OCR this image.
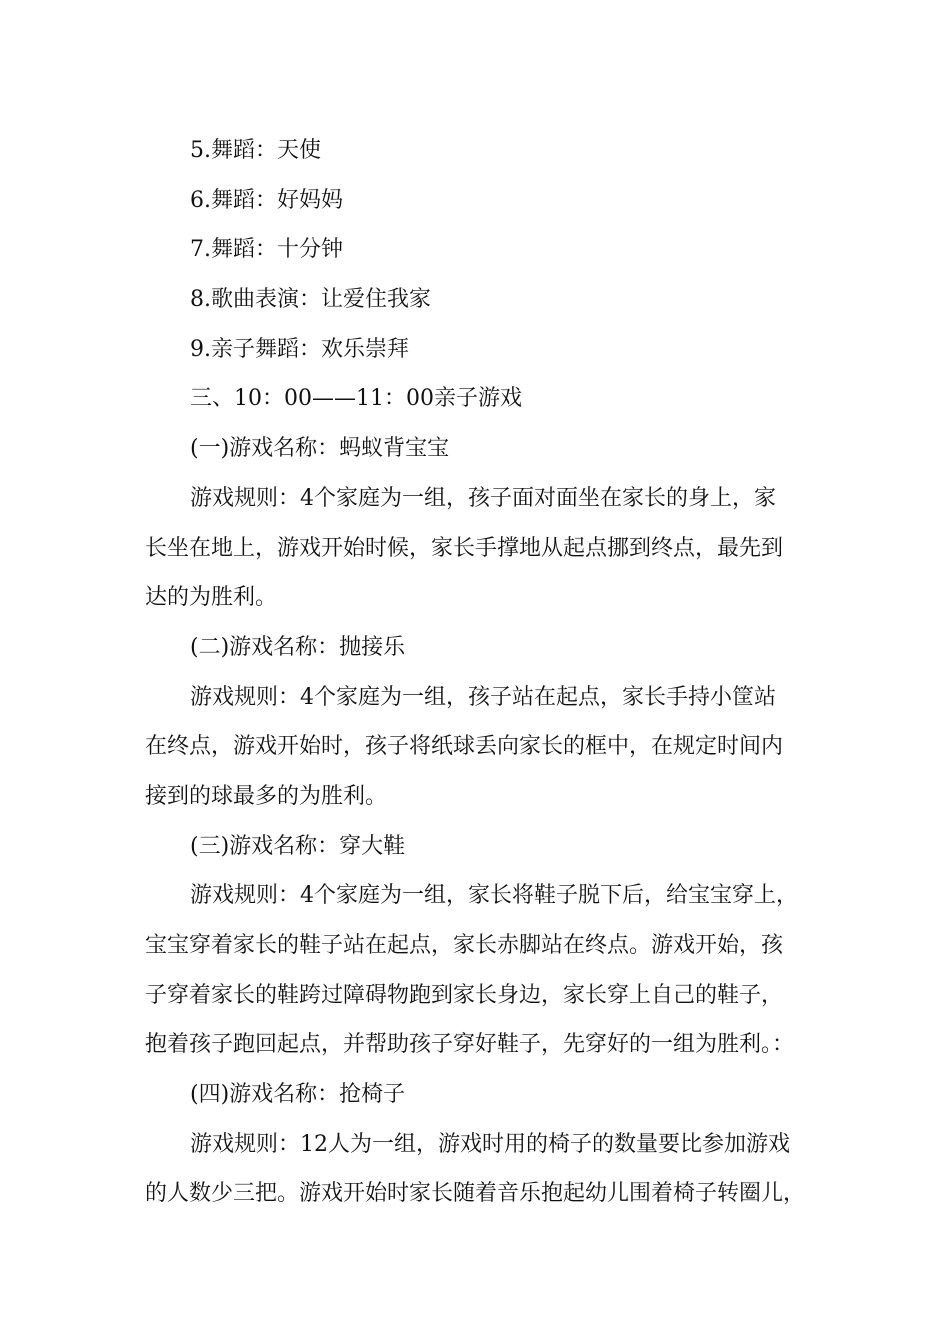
5.舞蹈：天使
6.舞蹈：好妈妈
7.舞蹈：十分钟
8.歌曲表演：让爱住我家
9.亲子舞蹈：欢乐崇拜
三、10：00——11：00亲子游戏
(一)游戏名称：蚂蚁背宝宝
游戏规则：4个家庭为一组，孩子面对面坐在家长的身上，家
长坐在地上，游戏开始时候，家长手撑地从起点挪到终点，最先到
达的为胜利。
(二)游戏名称：抛接乐
游戏规则：4个家庭为一组，孩子站在起点，家长手持小筐站
在终点，游戏开始时，孩子将纸球丢向家长的框中，在规定时间内
接到的球最多的为胜利。
(三)游戏名称：穿大鞋
游戏规则：4个家庭为一组，家长将鞋子脱下后，给宝宝穿上，
宝宝穿着家长的鞋子站在起点，家长赤脚站在终点。游戏开始，孩
子穿着家长的鞋跨过障碍物跑到家长身边，家长穿上自己的鞋子，
抱着孩子跑回起点，并帮助孩子穿好鞋子，先穿好的一组为胜利。：
(四)游戏名称：抢椅子
游戏规则：12人为一组，游戏时用的椅子的数量要比参加游戏
的人数少三把。游戏开始时家长随着音乐抱起幼儿围着椅子转圈儿，
